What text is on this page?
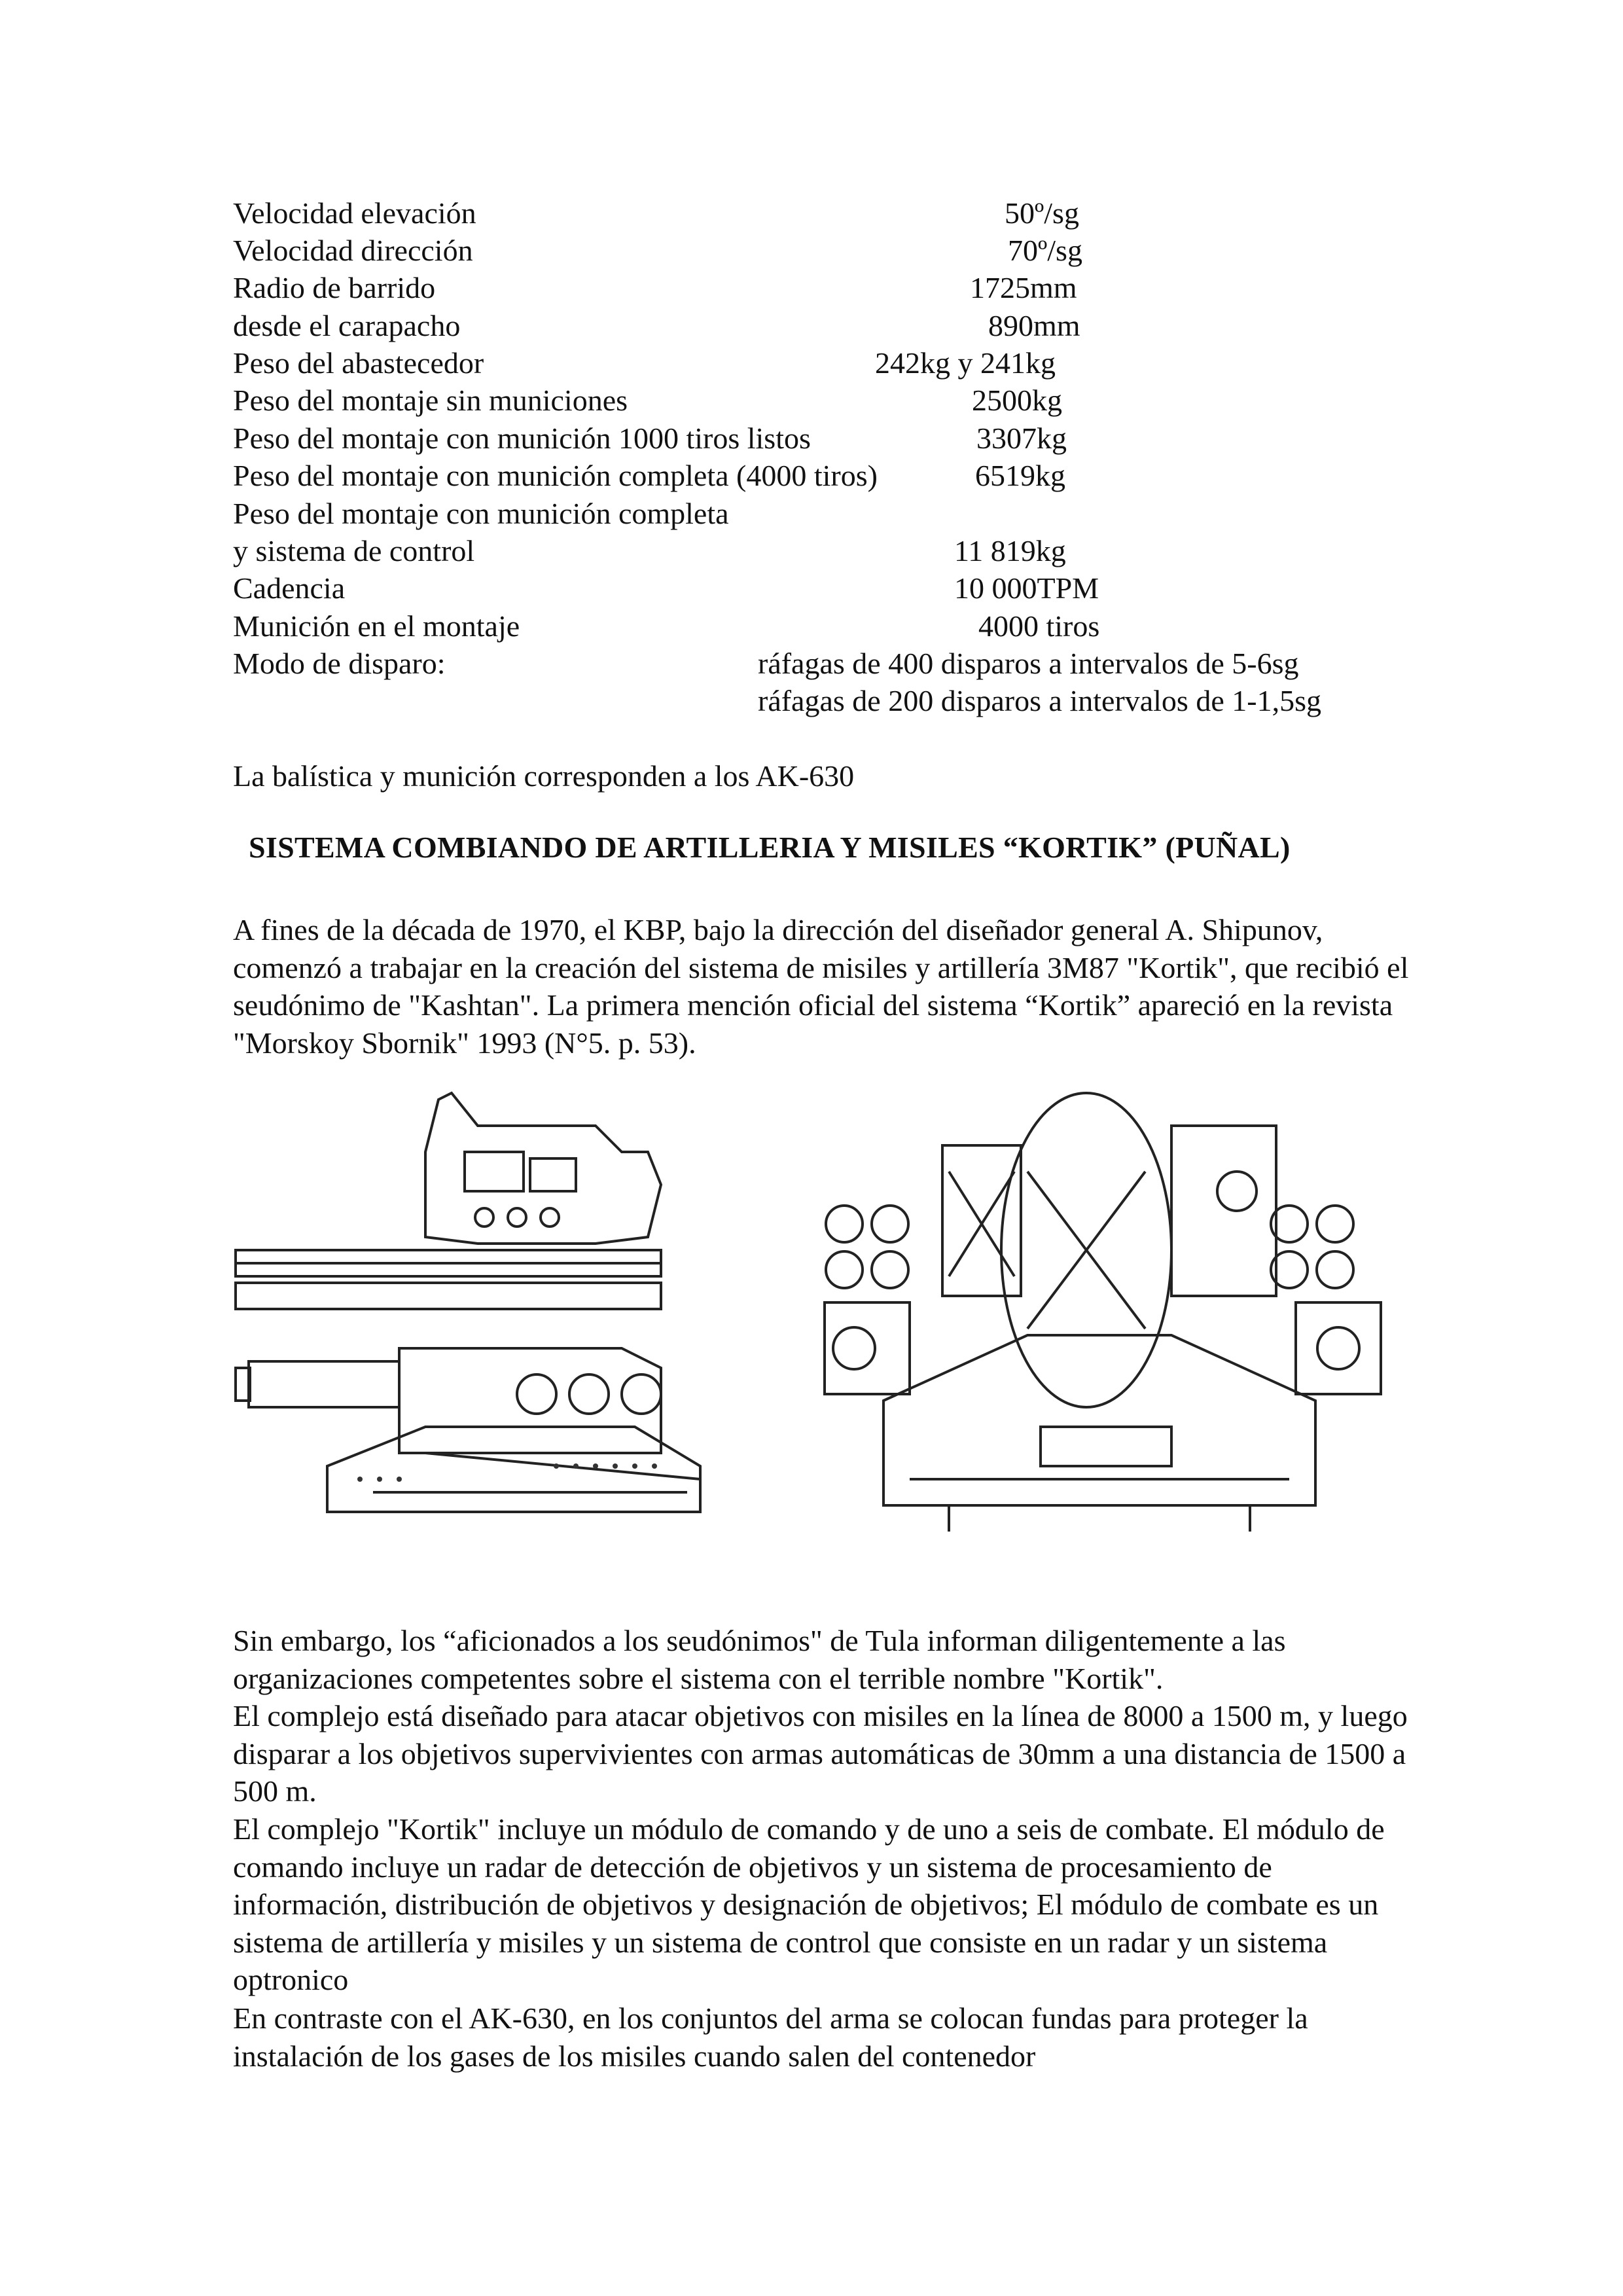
Velocidad elevación	50º/sg
Velocidad dirección	70º/sg
Radio de barrido	1725mm
desde el carapacho	890mm
Peso del abastecedor	242kg y 241kg
Peso del montaje sin municiones	2500kg
Peso del montaje con munición 1000 tiros listos	3307kg
Peso del montaje con munición completa (4000 tiros)	6519kg
Peso del montaje con munición completa
y sistema de control	11 819kg
Cadencia	10 000TPM
Munición en el montaje	4000 tiros
Modo de disparo:	ráfagas de 400 disparos a intervalos de 5-6sg
ráfagas de 200 disparos a intervalos de 1-1,5sg
La balística y munición corresponden a los AK-630
SISTEMA COMBIANDO DE ARTILLERIA Y MISILES “KORTIK” (PUÑAL)
A fines de la década de 1970, el KBP, bajo la dirección del diseñador general A. Shipunov, comenzó a trabajar en la creación del sistema de misiles y artillería 3M87 "Kortik", que recibió el seudónimo de "Kashtan". La primera mención oficial del sistema “Kortik” apareció en la revista "Morskoy Sbornik" 1993 (N°5. p. 53).
Sin embargo, los “aficionados a los seudónimos" de Tula informan diligentemente a las organizaciones competentes sobre el sistema con el terrible nombre "Kortik".
El complejo está diseñado para atacar objetivos con misiles en la línea de 8000 a 1500 m, y luego disparar a los objetivos supervivientes con armas automáticas de 30mm a una distancia de 1500 a 500 m.
El complejo "Kortik" incluye un módulo de comando y de uno a seis de combate. El módulo de comando incluye un radar de detección de objetivos y un sistema de procesamiento de información, distribución de objetivos y designación de objetivos; El módulo de combate es un sistema de artillería y misiles y un sistema de control que consiste en un radar y un sistema optronico
En contraste con el AK-630, en los conjuntos del arma se colocan fundas para proteger la instalación de los gases de los misiles cuando salen del contenedor
